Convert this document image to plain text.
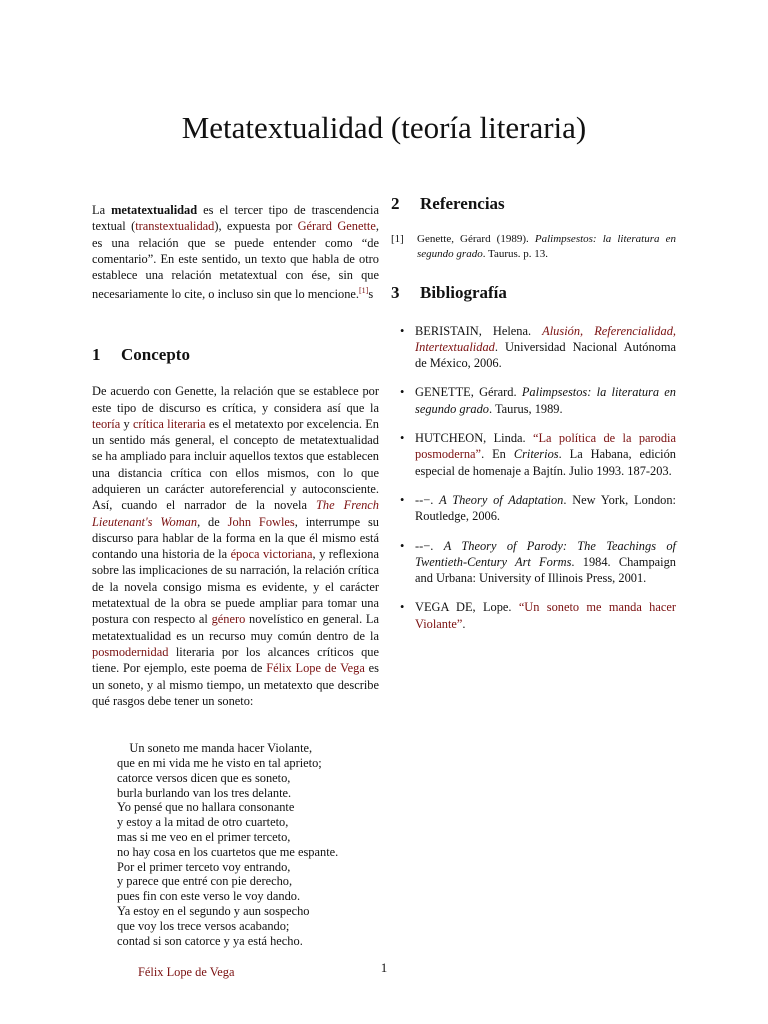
Metatextualidad (teoría literaria)

La metatextualidad es el tercer tipo de trascendencia textual (transtextualidad), expuesta por Gérard Genette, es una relación que se puede entender como “de comentario”. En este sentido, un texto que habla de otro establece una relación metatextual con ése, sin que necesariamente lo cite, o incluso sin que lo mencione.[1]s

1 Concepto

De acuerdo con Genette, la relación que se establece por este tipo de discurso es crítica, y considera así que la teoría y crítica literaria es el metatexto por excelencia. En un sentido más general, el concepto de metatextualidad se ha ampliado para incluir aquellos textos que establecen una distancia crítica con ellos mismos, con lo que adquieren un carácter autoreferencial y autoconsciente. Así, cuando el narrador de la novela The French Lieutenant's Woman, de John Fowles, interrumpe su discurso para hablar de la forma en la que él mismo está contando una historia de la época victoriana, y reflexiona sobre las implicaciones de su narración, la relación crítica de la novela consigo misma es evidente, y el carácter metatextual de la obra se puede ampliar para tomar una postura con respecto al género novelístico en general. La metatextualidad es un recurso muy común dentro de la posmodernidad literaria por los alcances críticos que tiene. Por ejemplo, este poema de Félix Lope de Vega es un soneto, y al mismo tiempo, un metatexto que describe qué rasgos debe tener un soneto:

Un soneto me manda hacer Violante,
que en mi vida me he visto en tal aprieto;
catorce versos dicen que es soneto,
burla burlando van los tres delante.
Yo pensé que no hallara consonante
y estoy a la mitad de otro cuarteto,
mas si me veo en el primer terceto,
no hay cosa en los cuartetos que me espante.
Por el primer terceto voy entrando,
y parece que entré con pie derecho,
pues fin con este verso le voy dando.
Ya estoy en el segundo y aun sospecho
que voy los trece versos acabando;
contad si son catorce y ya está hecho.
Félix Lope de Vega
2 Referencias
[1]	Genette, Gérard (1989). Palimpsestos: la literatura en segundo grado. Taurus. p. 13.
3 Bibliografía
• BERISTAIN, Helena. Alusión, Referencialidad, Intertextualidad. Universidad Nacional Autónoma de México, 2006.
• GENETTE, Gérard. Palimpsestos: la literatura en segundo grado. Taurus, 1989.
• HUTCHEON, Linda. “La política de la parodia posmoderna”. En Criterios. La Habana, edición especial de homenaje a Bajtín. Julio 1993. 187-203.
• --−. A Theory of Adaptation. New York, London: Routledge, 2006.
• --−. A Theory of Parody: The Teachings of Twentieth-Century Art Forms. 1984. Champaign and Urbana: University of Illinois Press, 2001.
• VEGA DE, Lope. “Un soneto me manda hacer Violante”.
1
